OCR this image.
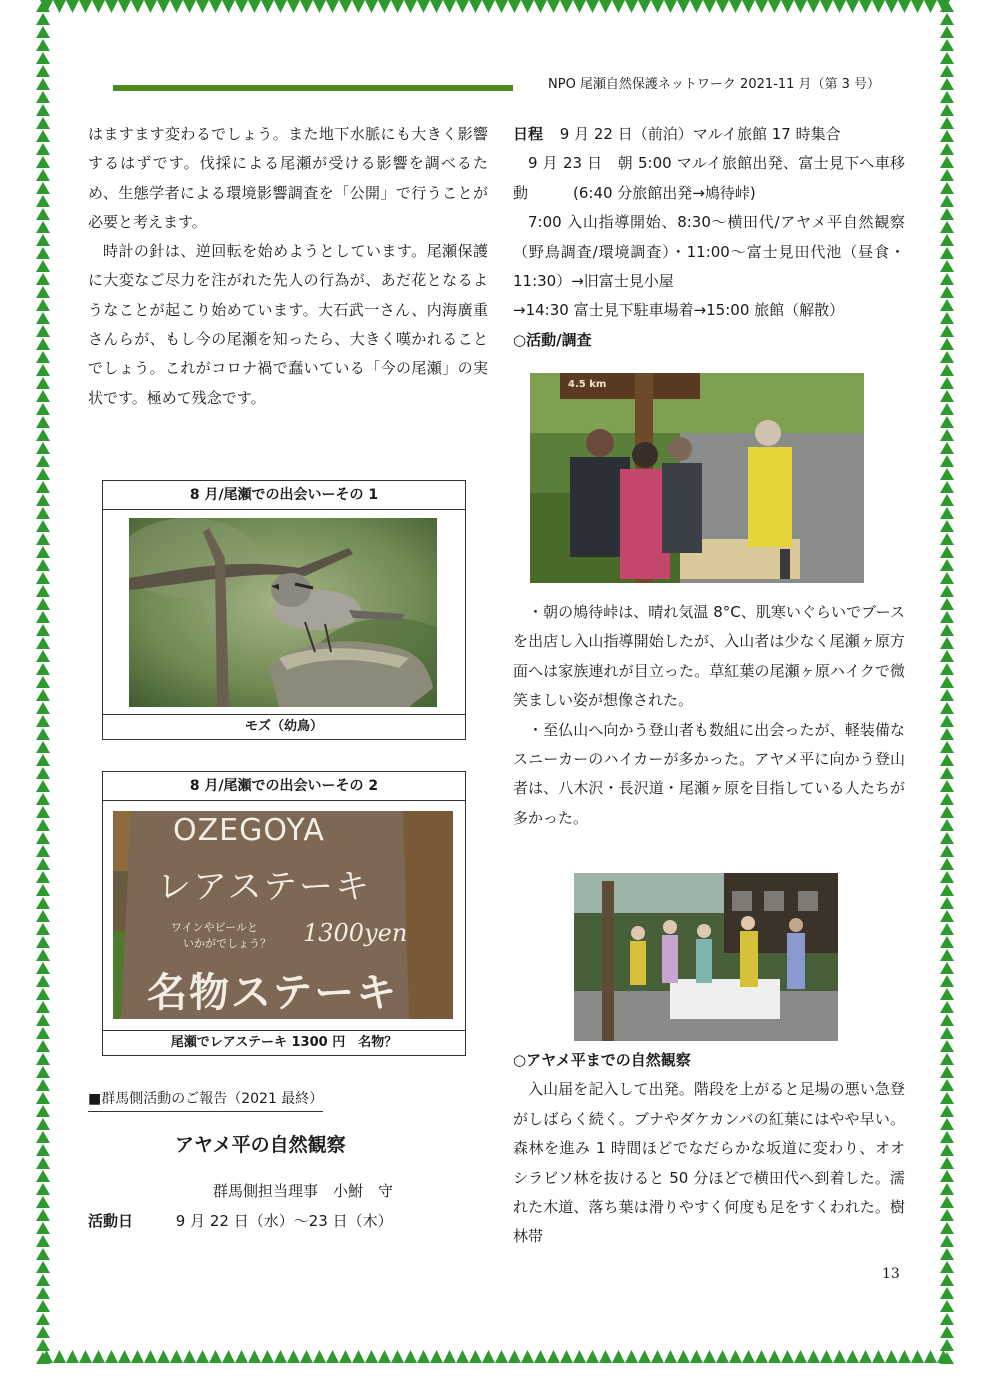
NPO 尾瀬自然保護ネットワーク 2021-11 月（第 3 号）

はますます変わるでしょう。また地下水脈にも大きく影響するはずです。伐採による尾瀬が受ける影響を調べるため、生態学者による環境影響調査を「公開」で行うことが必要と考えます。

時計の針は、逆回転を始めようとしています。尾瀬保護に大変なご尽力を注がれた先人の行為が、あだ花となるようなことが起こり始めています。大石武一さん、内海廣重さんらが、もし今の尾瀬を知ったら、大きく嘆かれることでしょう。これがコロナ禍で蠢いている「今の尾瀬」の実状です。極めて残念です。

8 月/尾瀬での出会いーその 1
モズ（幼鳥）
8 月/尾瀬での出会いーその 2
OZEGOYA
レアステーキ
ワインやビールと
いかがでしょう？ 1300yen
名物ステーキ
尾瀬でレアステーキ 1300 円　名物？
■群馬側活動のご報告（2021 最終）
アヤメ平の自然観察
群馬側担当理事　小鮒　守
活動日	9 月 22 日（水）〜23 日（木）

日程 9 月 22 日（前泊）マルイ旅館 17 時集合

9 月 23 日　朝 5:00 マルイ旅館出発、富士見下へ車移動　　　(6:40 分旅館出発→鳩待峠)

7:00 入山指導開始、8:30〜横田代/アヤメ平自然観察（野鳥調査/環境調査）・11:00〜富士見田代池（昼食・11:30）→旧富士見小屋

→14:30 富士見下駐車場着→15:00 旅館（解散）

○活動/調査

4.5 km

・朝の鳩待峠は、晴れ気温 8°C、肌寒いぐらいでブースを出店し入山指導開始したが、入山者は少なく尾瀬ヶ原方面へは家族連れが目立った。草紅葉の尾瀬ヶ原ハイクで微笑ましい姿が想像された。

・至仏山へ向かう登山者も数組に出会ったが、軽装備なスニーカーのハイカーが多かった。アヤメ平に向かう登山者は、八木沢・長沢道・尾瀬ヶ原を目指している人たちが多かった。

○アヤメ平までの自然観察

入山届を記入して出発。階段を上がると足場の悪い急登がしばらく続く。ブナやダケカンバの紅葉にはやや早い。森林を進み 1 時間ほどでなだらかな坂道に変わり、オオシラビソ林を抜けると 50 分ほどで横田代へ到着した。濡れた木道、落ち葉は滑りやすく何度も足をすくわれた。樹林帯

13
